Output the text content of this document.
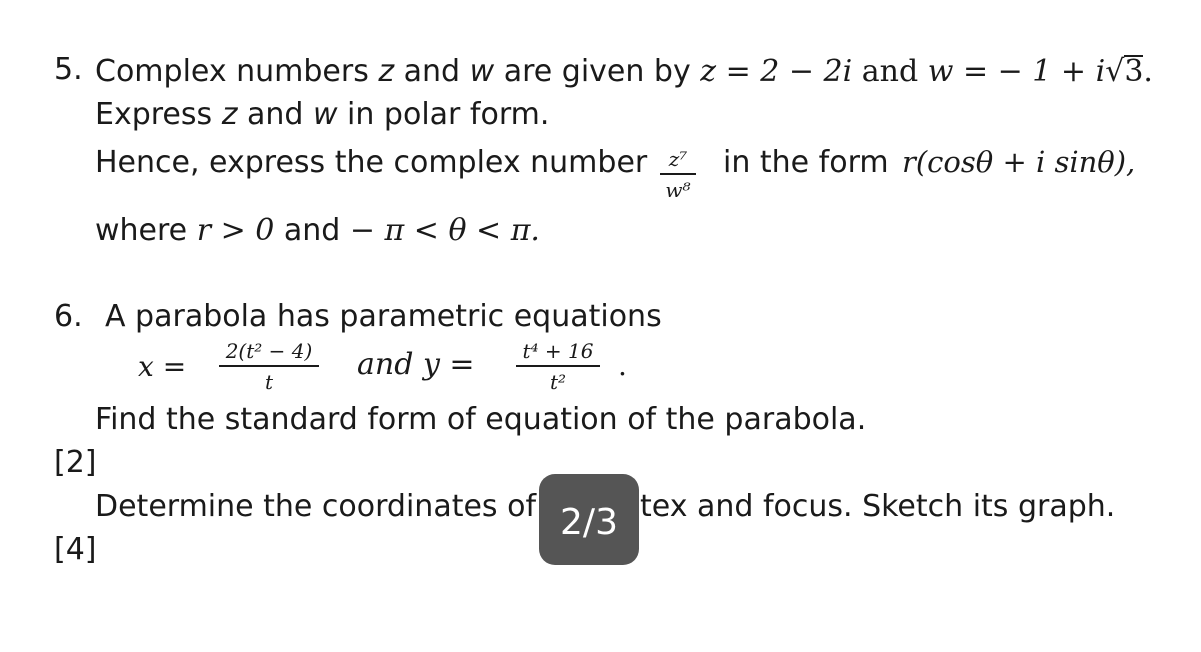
5. Complex numbers z and w are given by z = 2 − 2i and w = − 1 + i√3.
Express z and w in polar form.
Hence, express the complex number	z⁷
w⁸
in the form r(cosθ + i sinθ),
where r > 0 and − π < θ < π.
6. A parabola has parametric equations
x =	2(t² − 4)
t	and y =	t⁴ + 16
t²	.
Find the standard form of equation of the parabola.
[2]
Determine the coordinates of	tex and focus. Sketch its graph.
[4]
2/3
